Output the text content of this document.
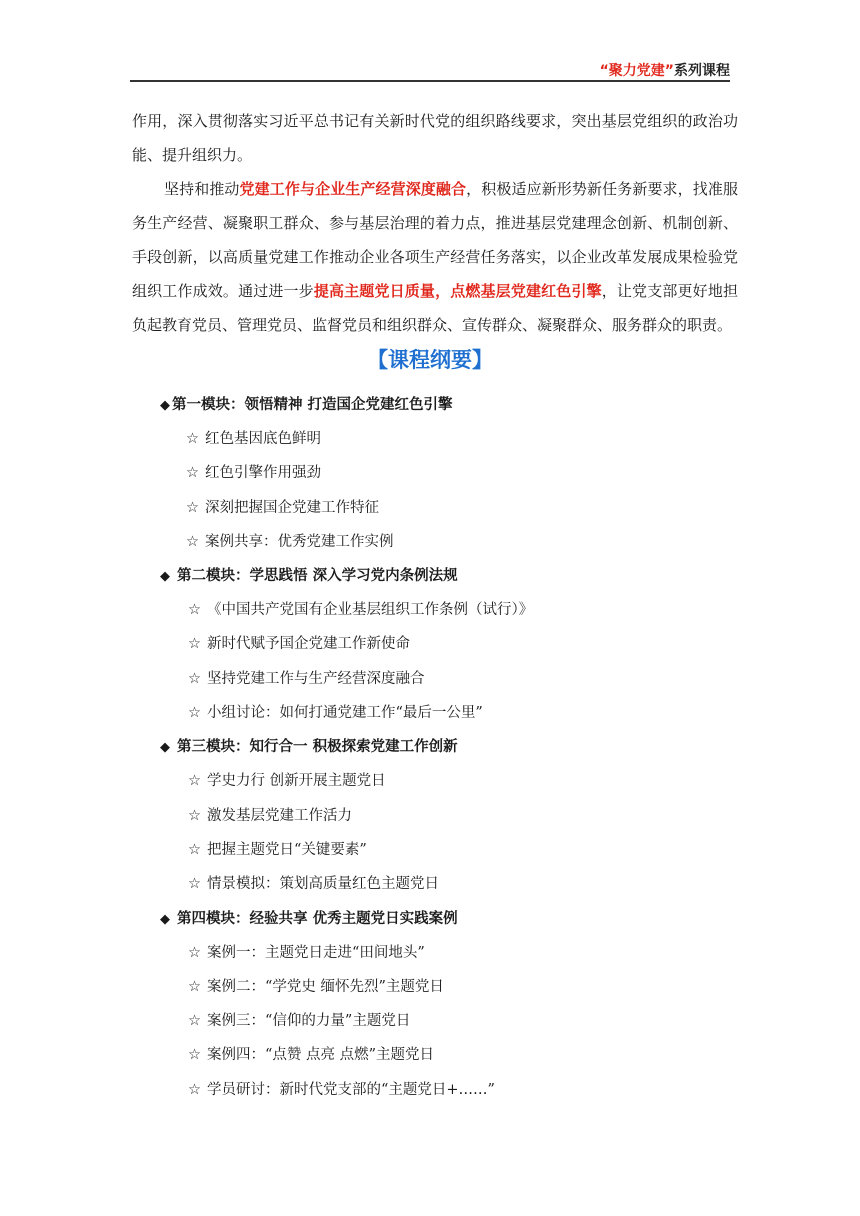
“聚力党建”系列课程

作用，深入贯彻落实习近平总书记有关新时代党的组织路线要求，突出基层党组织的政治功能、提升组织力。

坚持和推动党建工作与企业生产经营深度融合，积极适应新形势新任务新要求，找准服务生产经营、凝聚职工群众、参与基层治理的着力点，推进基层党建理念创新、机制创新、手段创新，以高质量党建工作推动企业各项生产经营任务落实，以企业改革发展成果检验党组织工作成效。通过进一步提高主题党日质量，点燃基层党建红色引擎，让党支部更好地担负起教育党员、管理党员、监督党员和组织群众、宣传群众、凝聚群众、服务群众的职责。

【课程纲要】
◆ 第一模块：领悟精神 打造国企党建红色引擎
☆ 红色基因底色鲜明
☆ 红色引擎作用强劲
☆ 深刻把握国企党建工作特征
☆ 案例共享：优秀党建工作实例
◆ 第二模块：学思践悟 深入学习党内条例法规
☆ 《中国共产党国有企业基层组织工作条例（试行）》
☆ 新时代赋予国企党建工作新使命
☆ 坚持党建工作与生产经营深度融合
☆ 小组讨论：如何打通党建工作“最后一公里”
◆ 第三模块：知行合一 积极探索党建工作创新
☆ 学史力行 创新开展主题党日
☆ 激发基层党建工作活力
☆ 把握主题党日“关键要素”
☆ 情景模拟：策划高质量红色主题党日
◆ 第四模块：经验共享 优秀主题党日实践案例
☆ 案例一：主题党日走进“田间地头”
☆ 案例二：“学党史 缅怀先烈”主题党日
☆ 案例三：“信仰的力量”主题党日
☆ 案例四：“点赞 点亮 点燃”主题党日
☆ 学员研讨：新时代党支部的“主题党日+……”
